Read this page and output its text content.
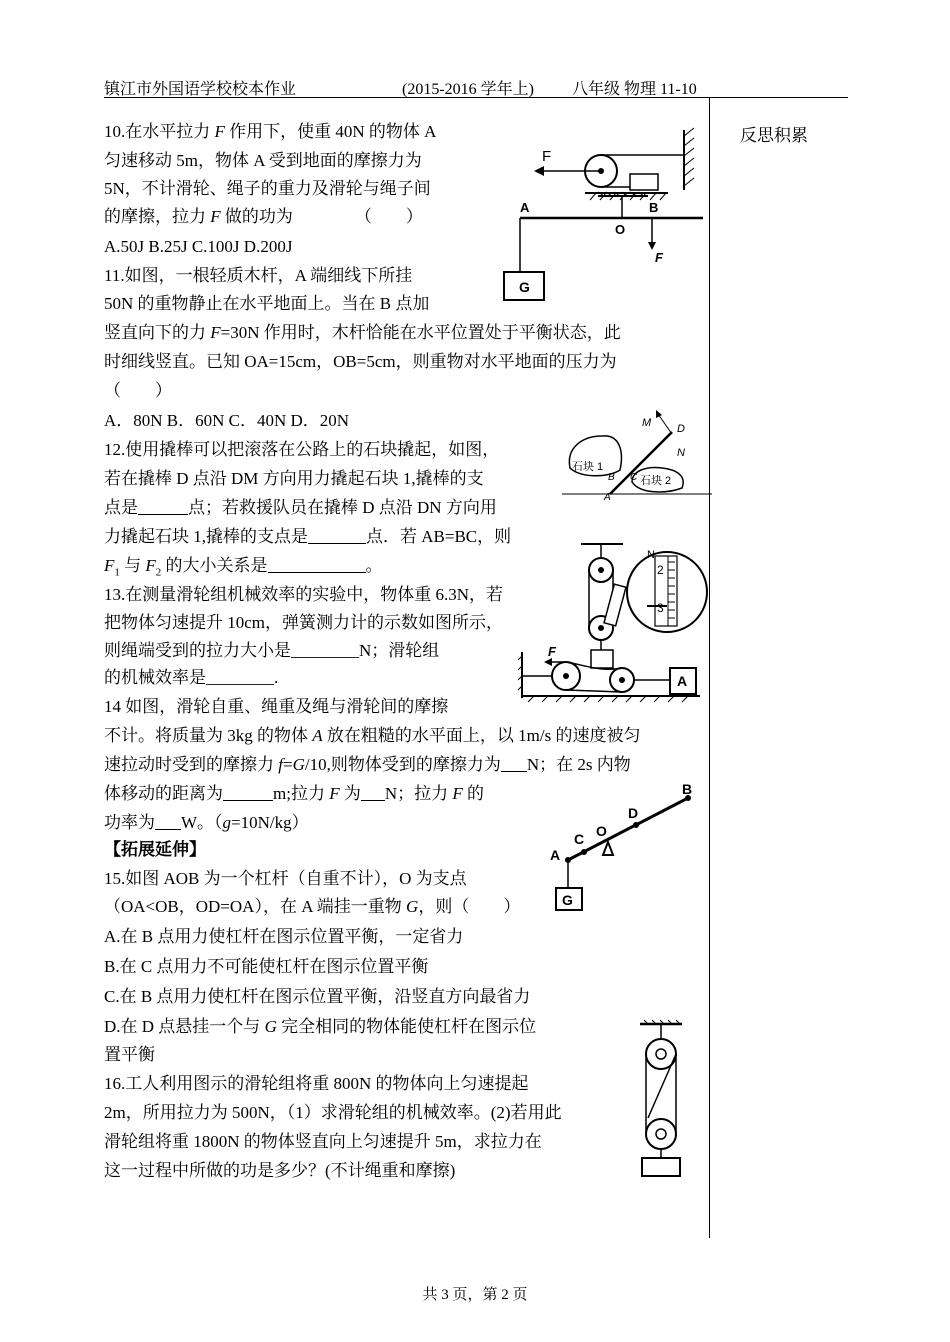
镇江市外国语学校校本作业	(2015-2016 学年上) 八年级 物理 11-10
反思积累
10.在水平拉力 F 作用下，使重 40N 的物体 A
匀速移动 5m，物体 A 受到地面的摩擦力为
5N，不计滑轮、绳子的重力及滑轮与绳子间
的摩擦，拉力 F 做的功为	（　　）
A.50J B.25J C.100J D.200J
11.如图，一根轻质木杆，A 端细线下所挂
50N 的重物静止在水平地面上。当在 B 点加
竖直向下的力 F=30N 作用时，木杆恰能在水平位置处于平衡状态，此
时细线竖直。已知 OA=15cm，OB=5cm，则重物对水平地面的压力为
（　　）
A．80N B．60N C．40N D．20N
12.使用撬棒可以把滚落在公路上的石块撬起，如图，
若在撬棒 D 点沿 DM 方向用力撬起石块 1,撬棒的支
点是	点；若救援队员在撬棒 D 点沿 DN 方向用
力撬起石块 1,撬棒的支点是	点．若 AB=BC，则
$F_1$ 与 $F_2$ 的大小关系是	。
13.在测量滑轮组机械效率的实验中，物体重 6.3N，若
把物体匀速提升 10cm，弹簧测力计的示数如图所示，
则绳端受到的拉力大小是________N；滑轮组
的机械效率是________.
14 如图，滑轮自重、绳重及绳与滑轮间的摩擦
不计。将质量为 3kg 的物体 A 放在粗糙的水平面上，以 1m/s 的速度被匀
速拉动时受到的摩擦力 f=G/10,则物体受到的摩擦力为 N；在 2s 内物
体移动的距离为	m;拉力 F 为 N；拉力 F 的
功率为 W。（g=10N/kg）
【拓展延伸】
15.如图 AOB 为一个杠杆（自重不计），O 为支点
（OA<OB，OD=OA），在 A 端挂一重物 G，则（　　）
A.在 B 点用力使杠杆在图示位置平衡，一定省力
B.在 C 点用力不可能使杠杆在图示位置平衡
C.在 B 点用力使杠杆在图示位置平衡，沿竖直方向最省力
D.在 D 点悬挂一个与 G 完全相同的物体能使杠杆在图示位
置平衡
16.工人利用图示的滑轮组将重 800N 的物体向上匀速提起
2m，所用拉力为 500N，（1）求滑轮组的机械效率。(2)若用此
滑轮组将重 1800N 的物体竖直向上匀速提升 5m，求拉力在
这一过程中所做的功是多少？(不计绳重和摩擦)
F
G
A
O
B
F
M D
N
石块 1
石块 2
B C
A
N
2
3
F
A
B
D
O
C
A
G
共 3 页，第 2 页
